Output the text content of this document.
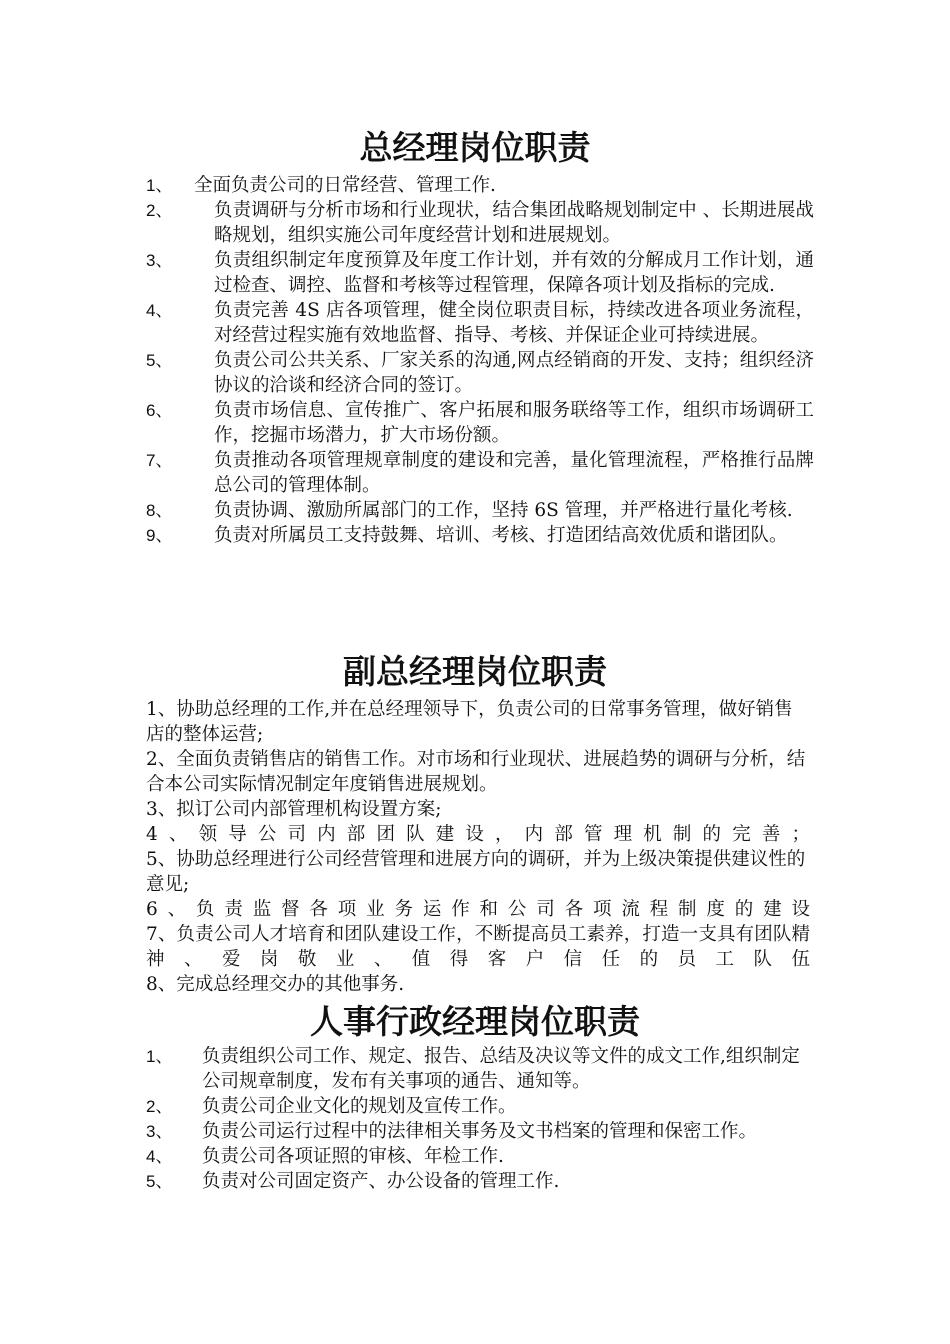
总经理岗位职责
1、 全面负责公司的日常经营、管理工作.
2、 负责调研与分析市场和行业现状，结合集团战略规划制定中 、长期进展战略规划，组织实施公司年度经营计划和进展规划。
3、 负责组织制定年度预算及年度工作计划，并有效的分解成月工作计划，通过检查、调控、监督和考核等过程管理，保障各项计划及指标的完成.
4、 负责完善 4S 店各项管理，健全岗位职责目标，持续改进各项业务流程，对经营过程实施有效地监督、指导、考核、并保证企业可持续进展。
5、 负责公司公共关系、厂家关系的沟通,网点经销商的开发、支持；组织经济协议的洽谈和经济合同的签订。
6、 负责市场信息、宣传推广、客户拓展和服务联络等工作，组织市场调研工作，挖掘市场潜力，扩大市场份额。
7、 负责推动各项管理规章制度的建设和完善，量化管理流程，严格推行品牌总公司的管理体制。
8、 负责协调、激励所属部门的工作，坚持 6S 管理，并严格进行量化考核.
9、 负责对所属员工支持鼓舞、培训、考核、打造团结高效优质和谐团队。
副总经理岗位职责

1、协助总经理的工作,并在总经理领导下，负责公司的日常事务管理，做好销售店的整体运营;

2、全面负责销售店的销售工作。对市场和行业现状、进展趋势的调研与分析，结合本公司实际情况制定年度销售进展规划。

3、拟订公司内部管理机构设置方案;

4、领导公司内部团队建设，内部管理机制的完善；

5、协助总经理进行公司经营管理和进展方向的调研，并为上级决策提供建议性的意见;

6、负责监督各项业务运作和公司各项流程制度的建设

7、负责公司人才培育和团队建设工作，不断提高员工素养，打造一支具有团队精神、爱岗敬业、值得客户信任的员工队伍

8、完成总经理交办的其他事务.

人事行政经理岗位职责
1、 负责组织公司工作、规定、报告、总结及决议等文件的成文工作,组织制定公司规章制度，发布有关事项的通告、通知等。
2、 负责公司企业文化的规划及宣传工作。
3、 负责公司运行过程中的法律相关事务及文书档案的管理和保密工作。
4、 负责公司各项证照的审核、年检工作.
5、 负责对公司固定资产、办公设备的管理工作.
